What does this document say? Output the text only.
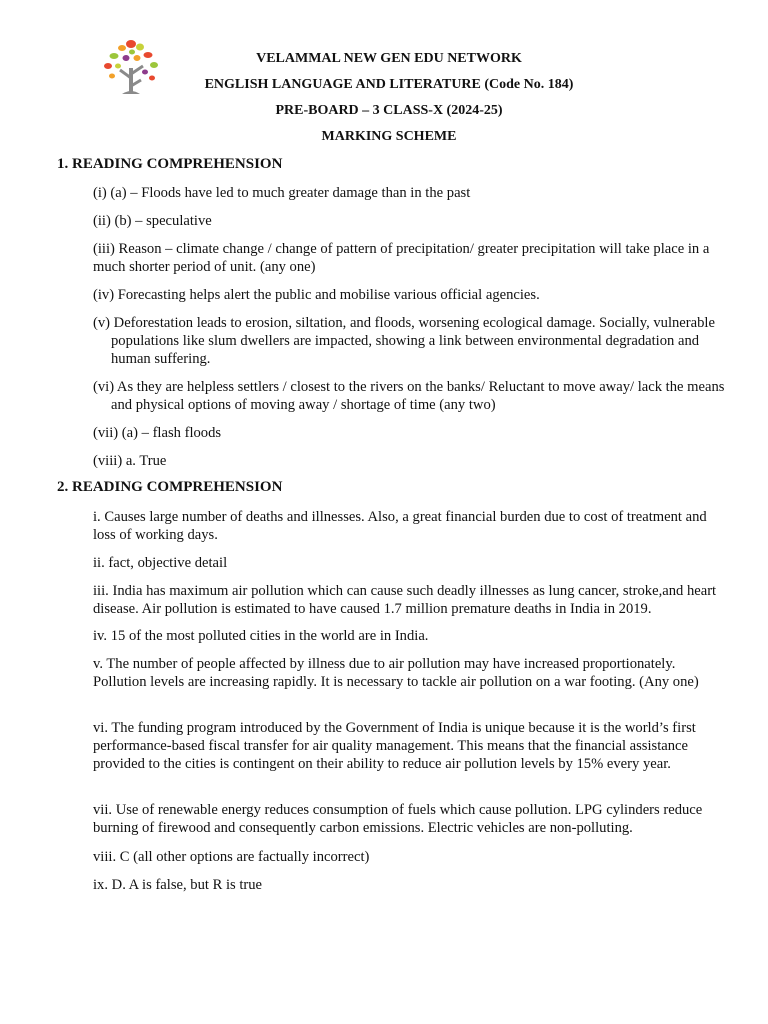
VELAMMAL NEW GEN EDU NETWORK
ENGLISH LANGUAGE AND LITERATURE (Code No. 184)
PRE-BOARD – 3 CLASS-X (2024-25)
MARKING SCHEME
1. READING COMPREHENSION
(i) (a) – Floods have led to much greater damage than in the past
(ii) (b) – speculative
(iii) Reason – climate change / change of pattern of precipitation/ greater precipitation will take place in a much shorter period of unit. (any one)
(iv) Forecasting helps alert the public and mobilise various official agencies.
(v) Deforestation leads to erosion, siltation, and floods, worsening ecological damage. Socially, vulnerable populations like slum dwellers are impacted, showing a link between environmental degradation and human suffering.
(vi) As they are helpless settlers / closest to the rivers on the banks/ Reluctant to move away/ lack the means and physical options of moving away / shortage of time (any two)
(vii) (a) – flash floods
(viii) a. True
2. READING COMPREHENSION
i. Causes large number of deaths and illnesses. Also, a great financial burden due to cost of treatment and loss of working days.
ii. fact, objective detail
iii. India has maximum air pollution which can cause such deadly illnesses as lung cancer, stroke,and heart disease. Air pollution is estimated to have caused 1.7 million premature deaths in India in 2019.
iv. 15 of the most polluted cities in the world are in India.
v. The number of people affected by illness due to air pollution may have increased proportionately. Pollution levels are increasing rapidly. It is necessary to tackle air pollution on a war footing. (Any one)
vi. The funding program introduced by the Government of India is unique because it is the world’s first performance-based fiscal transfer for air quality management. This means that the financial assistance provided to the cities is contingent on their ability to reduce air pollution levels by 15% every year.
vii. Use of renewable energy reduces consumption of fuels which cause pollution. LPG cylinders reduce burning of firewood and consequently carbon emissions. Electric vehicles are non-polluting.
viii. C (all other options are factually incorrect)
ix. D. A is false, but R is true
